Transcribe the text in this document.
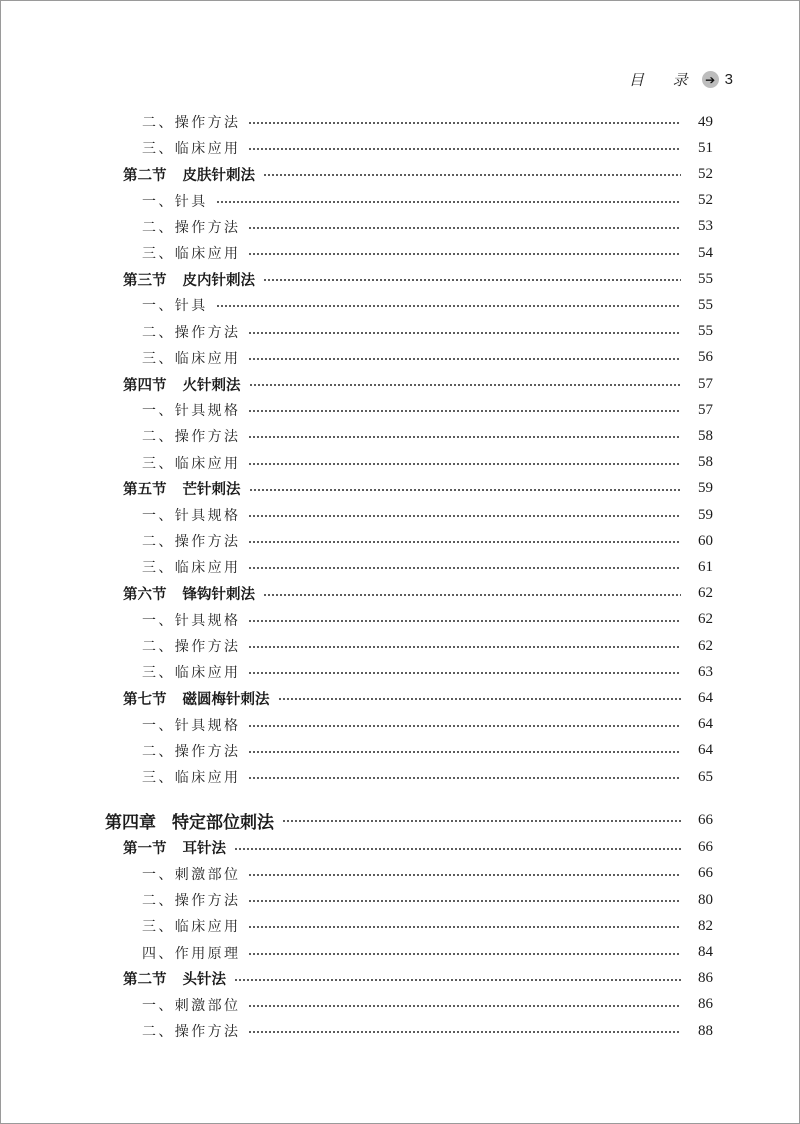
目 录 ➔ 3
二、操作方法	49
三、临床应用	51
第二节 皮肤针刺法	52
一、针具	52
二、操作方法	53
三、临床应用	54
第三节 皮内针刺法	55
一、针具	55
二、操作方法	55
三、临床应用	56
第四节 火针刺法	57
一、针具规格	57
二、操作方法	58
三、临床应用	58
第五节 芒针刺法	59
一、针具规格	59
二、操作方法	60
三、临床应用	61
第六节 锋钩针刺法	62
一、针具规格	62
二、操作方法	62
三、临床应用	63
第七节 磁圆梅针刺法	64
一、针具规格	64
二、操作方法	64
三、临床应用	65
第四章 特定部位刺法	66
第一节 耳针法	66
一、刺激部位	66
二、操作方法	80
三、临床应用	82
四、作用原理	84
第二节 头针法	86
一、刺激部位	86
二、操作方法	88
